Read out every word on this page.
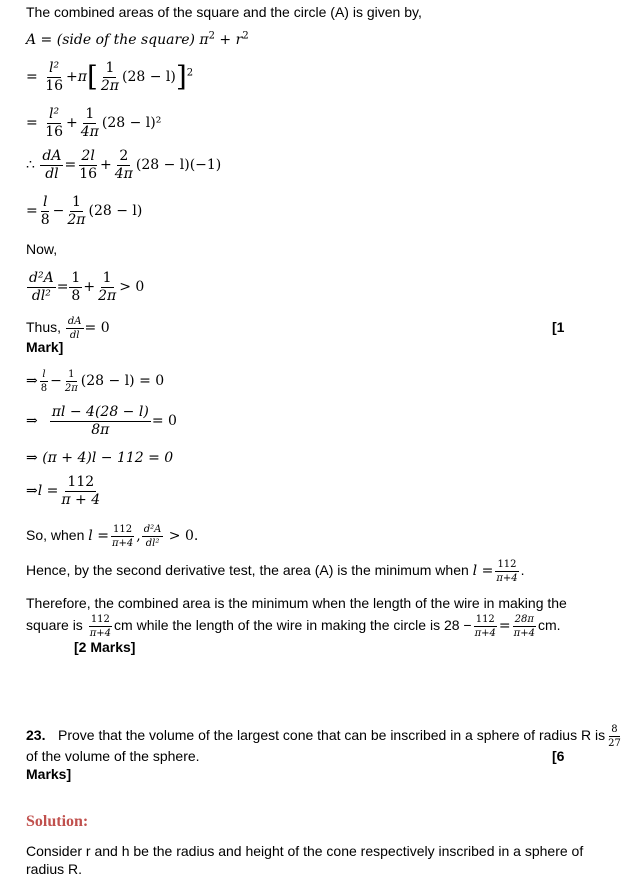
The combined areas of the square and the circle (A) is given by,
A = (side of the square) $\pi^2 + r^2$
= $\frac{\text{l²}}{16} +\pi[ \frac{1}{2\pi} (28 - l)]^2$
= $\frac{\text{l²}}{16} + \frac{1}{4\pi} (28 - l)^2$
∴ $\frac{dA}{dl} = \frac{2l}{16} + \frac{2}{4\pi} (28 - l)(-1)$
= $\frac{l}{8} - \frac{1}{2\pi} (28 - l)$
Now,
$\frac{\text{d²A}}{\text{dl²}} = \frac{1}{8} + \frac{1}{2\pi} > 0$
Thus, $\frac{dA}{dl} = 0$	[1
Mark]
⇒ $\frac{l}{8} - \frac{1}{2\pi} (28 - l) = 0$
⇒ $\frac{\pi l - 4(28 - l)}{8\pi} = 0$
⇒ (π + 4)l − 112 = 0
⇒l = $\frac{112}{\pi + 4}$
So, when $l = \frac{112}{\pi+4}$ , $\frac{\text{d²A}}{\text{dl²}} > 0$.
Hence, by the second derivative test, the area (A) is the minimum when $l = \frac{112}{\pi+4}$ .
Therefore, the combined area is the minimum when the length of the wire in making the
square is $\frac{112}{\pi+4}$ cm while the length of the wire in making the circle is $28 - \frac{112}{\pi+4} = \frac{28\pi}{\pi+4}$ cm.
[2 Marks]
23. Prove that the volume of the largest cone that can be inscribed in a sphere of radius R is $\frac{8}{27}$
of the volume of the sphere.	[6
Marks]
Solution:
Consider r and h be the radius and height of the cone respectively inscribed in a sphere of
radius R.
